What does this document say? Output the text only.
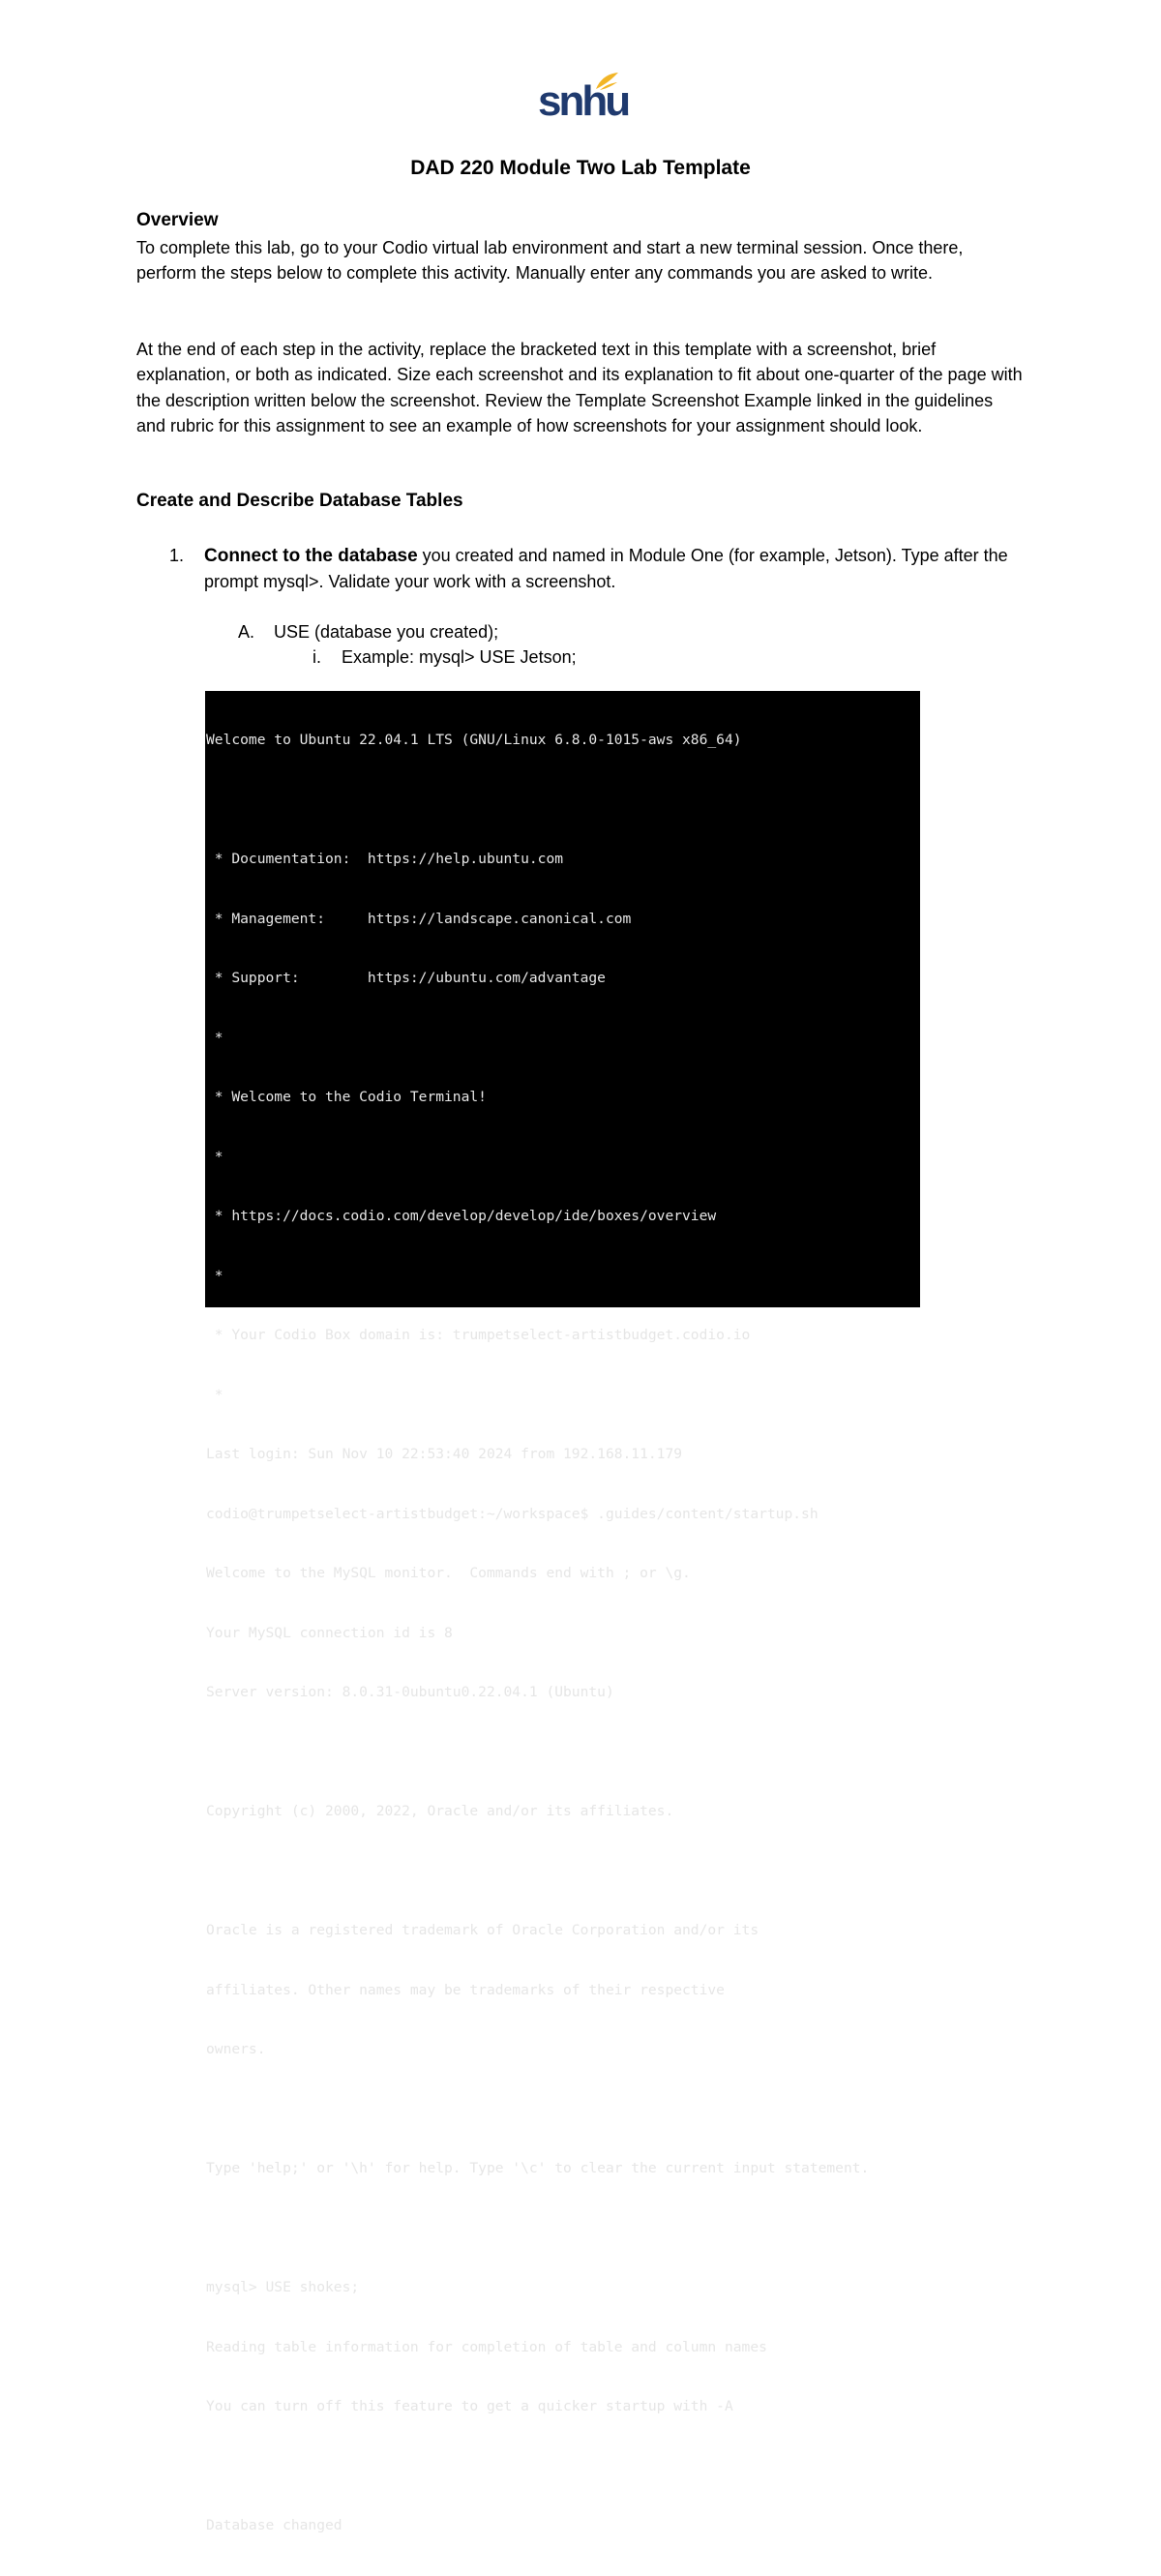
snhu
DAD 220 Module Two Lab Template
Overview

To complete this lab, go to your Codio virtual lab environment and start a new terminal session. Once there, perform the steps below to complete this activity. Manually enter any commands you are asked to write.

At the end of each step in the activity, replace the bracketed text in this template with a screenshot, brief explanation, or both as indicated. Size each screenshot and its explanation to fit about one-quarter of the page with the description written below the screenshot. Review the Template Screenshot Example linked in the guidelines and rubric for this assignment to see an example of how screenshots for your assignment should look.

Create and Describe Database Tables
1. Connect to the database you created and named in Module One (for example, Jetson). Type after the prompt mysql>. Validate your work with a screenshot.
A. USE (database you created);
i. Example: mysql> USE Jetson;

Welcome to Ubuntu 22.04.1 LTS (GNU/Linux 6.8.0-1015-aws x86_64)

* Documentation:  https://help.ubuntu.com

* Management:     https://landscape.canonical.com

* Support:        https://ubuntu.com/advantage

*

* Welcome to the Codio Terminal!

*

* https://docs.codio.com/develop/develop/ide/boxes/overview

*

* Your Codio Box domain is: trumpetselect-artistbudget.codio.io

*

Last login: Sun Nov 10 22:53:40 2024 from 192.168.11.179

codio@trumpetselect-artistbudget:~/workspace$ .guides/content/startup.sh

Welcome to the MySQL monitor.  Commands end with ; or \g.

Your MySQL connection id is 8

Server version: 8.0.31-0ubuntu0.22.04.1 (Ubuntu)

Copyright (c) 2000, 2022, Oracle and/or its affiliates.

Oracle is a registered trademark of Oracle Corporation and/or its

affiliates. Other names may be trademarks of their respective

owners.

Type 'help;' or '\h' for help. Type '\c' to clear the current input statement.

mysql> USE shokes;

Reading table information for completion of table and column names

You can turn off this feature to get a quicker startup with -A

Database changed
